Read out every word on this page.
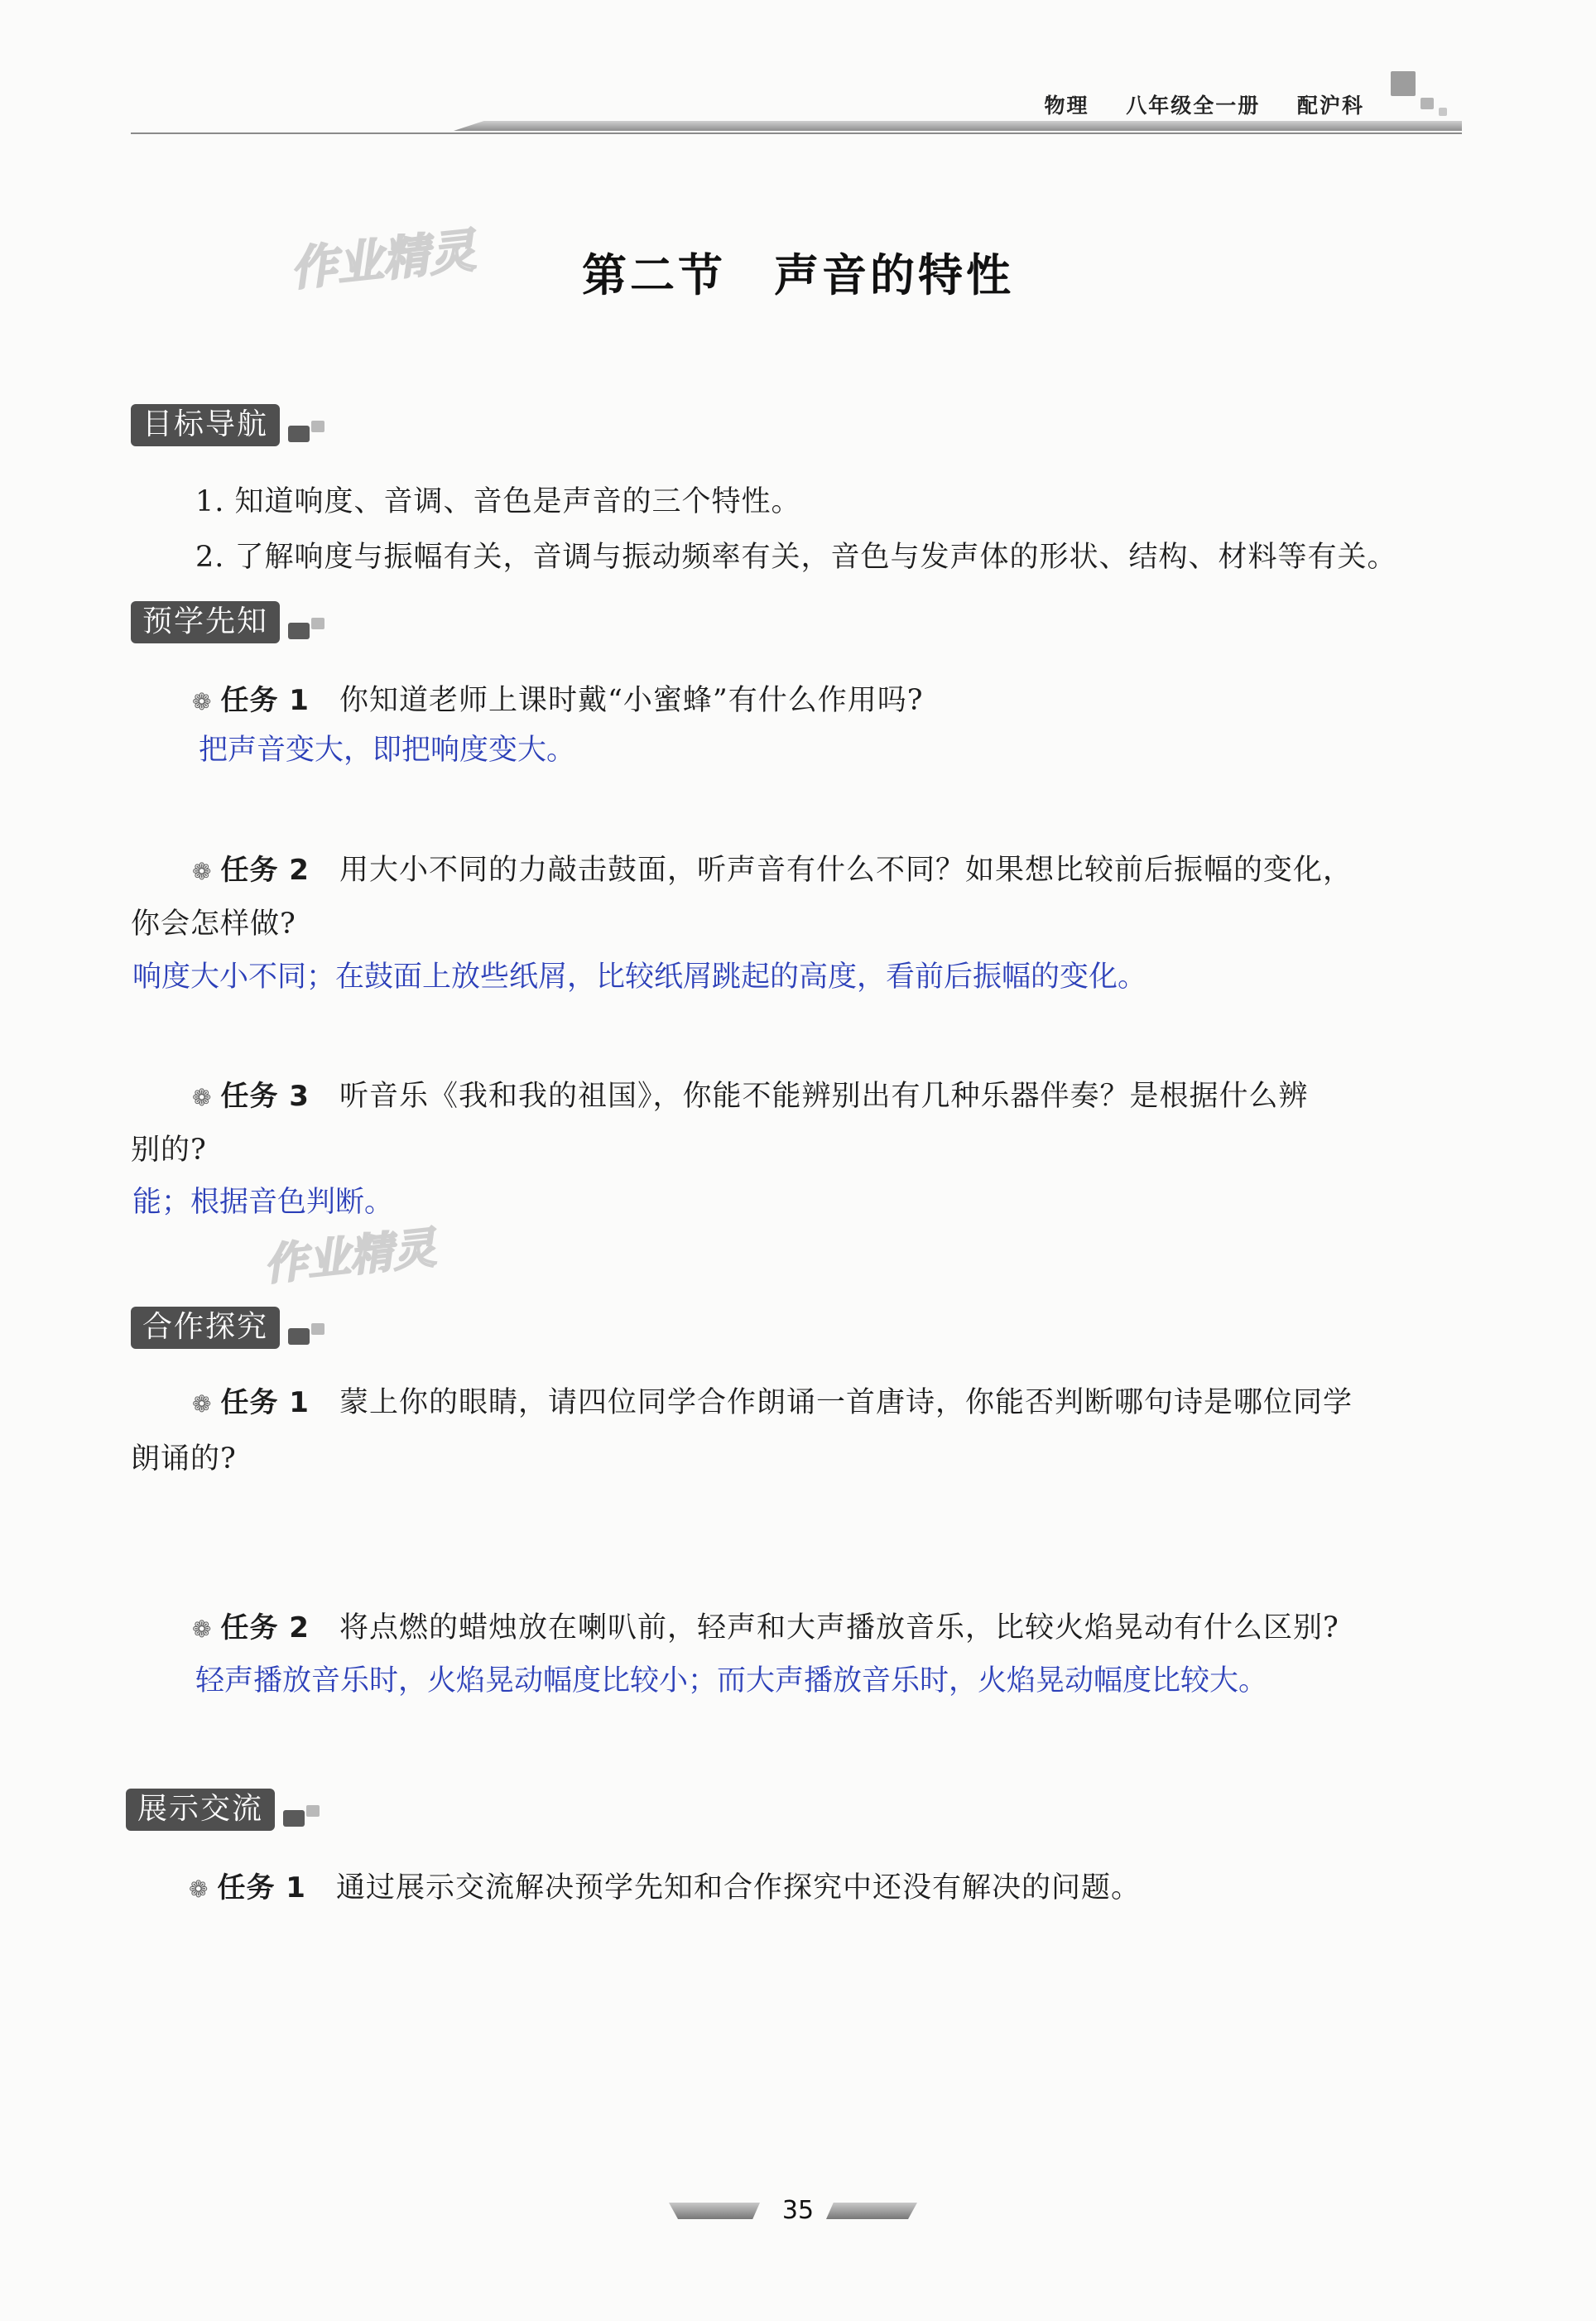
物理 八年级全一册 配沪科
作业精灵
作业精灵
第二节　声音的特性
目标导航
1. 知道响度、音调、音色是声音的三个特性。
2. 了解响度与振幅有关，音调与振动频率有关，音色与发声体的形状、结构、材料等有关。
预学先知
❁ 任务 1　 你知道老师上课时戴“小蜜蜂”有什么作用吗?
把声音变大，即把响度变大。
❁ 任务 2　 用大小不同的力敲击鼓面，听声音有什么不同？如果想比较前后振幅的变化，
你会怎样做?
响度大小不同；在鼓面上放些纸屑，比较纸屑跳起的高度，看前后振幅的变化。
❁ 任务 3　 听音乐《我和我的祖国》，你能不能辨别出有几种乐器伴奏？是根据什么辨
别的?
能；根据音色判断。
合作探究
❁ 任务 1　 蒙上你的眼睛，请四位同学合作朗诵一首唐诗，你能否判断哪句诗是哪位同学
朗诵的?
❁ 任务 2　 将点燃的蜡烛放在喇叭前，轻声和大声播放音乐，比较火焰晃动有什么区别?
轻声播放音乐时，火焰晃动幅度比较小；而大声播放音乐时，火焰晃动幅度比较大。
展示交流
❁ 任务 1　 通过展示交流解决预学先知和合作探究中还没有解决的问题。
35
